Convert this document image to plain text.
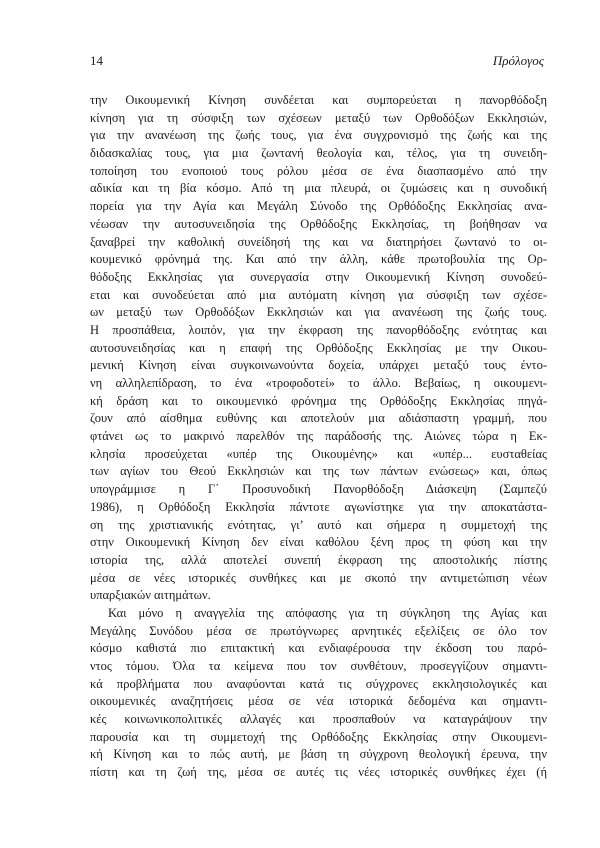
14	Πρόλογος
την Οικουμενική Κίνηση συνδέεται και συμπορεύεται η πανορθόδοξη
κίνηση για τη σύσφιξη των σχέσεων μεταξύ των Ορθοδόξων Εκκλησιών,
για την ανανέωση της ζωής τους, για ένα συγχρονισμό της ζωής και της
διδασκαλίας τους, για μια ζωντανή θεολογία και, τέλος, για τη συνειδη-
τοποίηση του ενοποιού τους ρόλου μέσα σε ένα διασπασμένο από την
αδικία και τη βία κόσμο. Από τη μια πλευρά, οι ζυμώσεις και η συνοδική
πορεία για την Αγία και Μεγάλη Σύνοδο της Ορθόδοξης Εκκλησίας ανα-
νέωσαν την αυτοσυνειδησία της Ορθόδοξης Εκκλησίας, τη βοήθησαν να
ξαναβρεί την καθολική συνείδησή της και να διατηρήσει ζωντανό το οι-
κουμενικό φρόνημά της. Και από την άλλη, κάθε πρωτοβουλία της Ορ-
θόδοξης Εκκλησίας για συνεργασία στην Οικουμενική Κίνηση συνοδεύ-
εται και συνοδεύεται από μια αυτόματη κίνηση για σύσφιξη των σχέσε-
ων μεταξύ των Ορθοδόξων Εκκλησιών και για ανανέωση της ζωής τους.
Η προσπάθεια, λοιπόν, για την έκφραση της πανορθόδοξης ενότητας και
αυτοσυνειδησίας και η επαφή της Ορθόδοξης Εκκλησίας με την Οικου-
μενική Κίνηση είναι συγκοινωνούντα δοχεία, υπάρχει μεταξύ τους έντο-
νη αλληλεπίδραση, το ένα «τροφοδοτεί» το άλλο. Βεβαίως, η οικουμενι-
κή δράση και το οικουμενικό φρόνημα της Ορθόδοξης Εκκλησίας πηγά-
ζουν από αίσθημα ευθύνης και αποτελούν μια αδιάσπαστη γραμμή, που
φτάνει ως το μακρινό παρελθόν της παράδοσής της. Αιώνες τώρα η Εκ-
κλησία προσεύχεται «υπέρ της Οικουμένης» και «υπέρ... ευσταθείας
των αγίων του Θεού Εκκλησιών και της των πάντων ενώσεως» και, όπως
υπογράμμισε η Γ΄ Προσυνοδική Πανορθόδοξη Διάσκεψη (Σαμπεζύ
1986), η Ορθόδοξη Εκκλησία πάντοτε αγωνίστηκε για την αποκατάστα-
ση της χριστιανικής ενότητας, γι’ αυτό και σήμερα η συμμετοχή της
στην Οικουμενική Κίνηση δεν είναι καθόλου ξένη προς τη φύση και την
ιστορία της, αλλά αποτελεί συνεπή έκφραση της αποστολικής πίστης
μέσα σε νέες ιστορικές συνθήκες και με σκοπό την αντιμετώπιση νέων
υπαρξιακών αιτημάτων.
Και μόνο η αναγγελία της απόφασης για τη σύγκληση της Αγίας και
Μεγάλης Συνόδου μέσα σε πρωτόγνωρες αρνητικές εξελίξεις σε όλο τον
κόσμο καθιστά πιο επιτακτική και ενδιαφέρουσα την έκδοση του παρό-
ντος τόμου. Όλα τα κείμενα που τον συνθέτουν, προσεγγίζουν σημαντι-
κά προβλήματα που αναφύονται κατά τις σύγχρονες εκκλησιολογικές και
οικουμενικές αναζητήσεις μέσα σε νέα ιστορικά δεδομένα και σημαντι-
κές κοινωνικοπολιτικές αλλαγές και προσπαθούν να καταγράψουν την
παρουσία και τη συμμετοχή της Ορθόδοξης Εκκλησίας στην Οικουμενι-
κή Κίνηση και το πώς αυτή, με βάση τη σύγχρονη θεολογική έρευνα, την
πίστη και τη ζωή της, μέσα σε αυτές τις νέες ιστορικές συνθήκες έχει (ή
